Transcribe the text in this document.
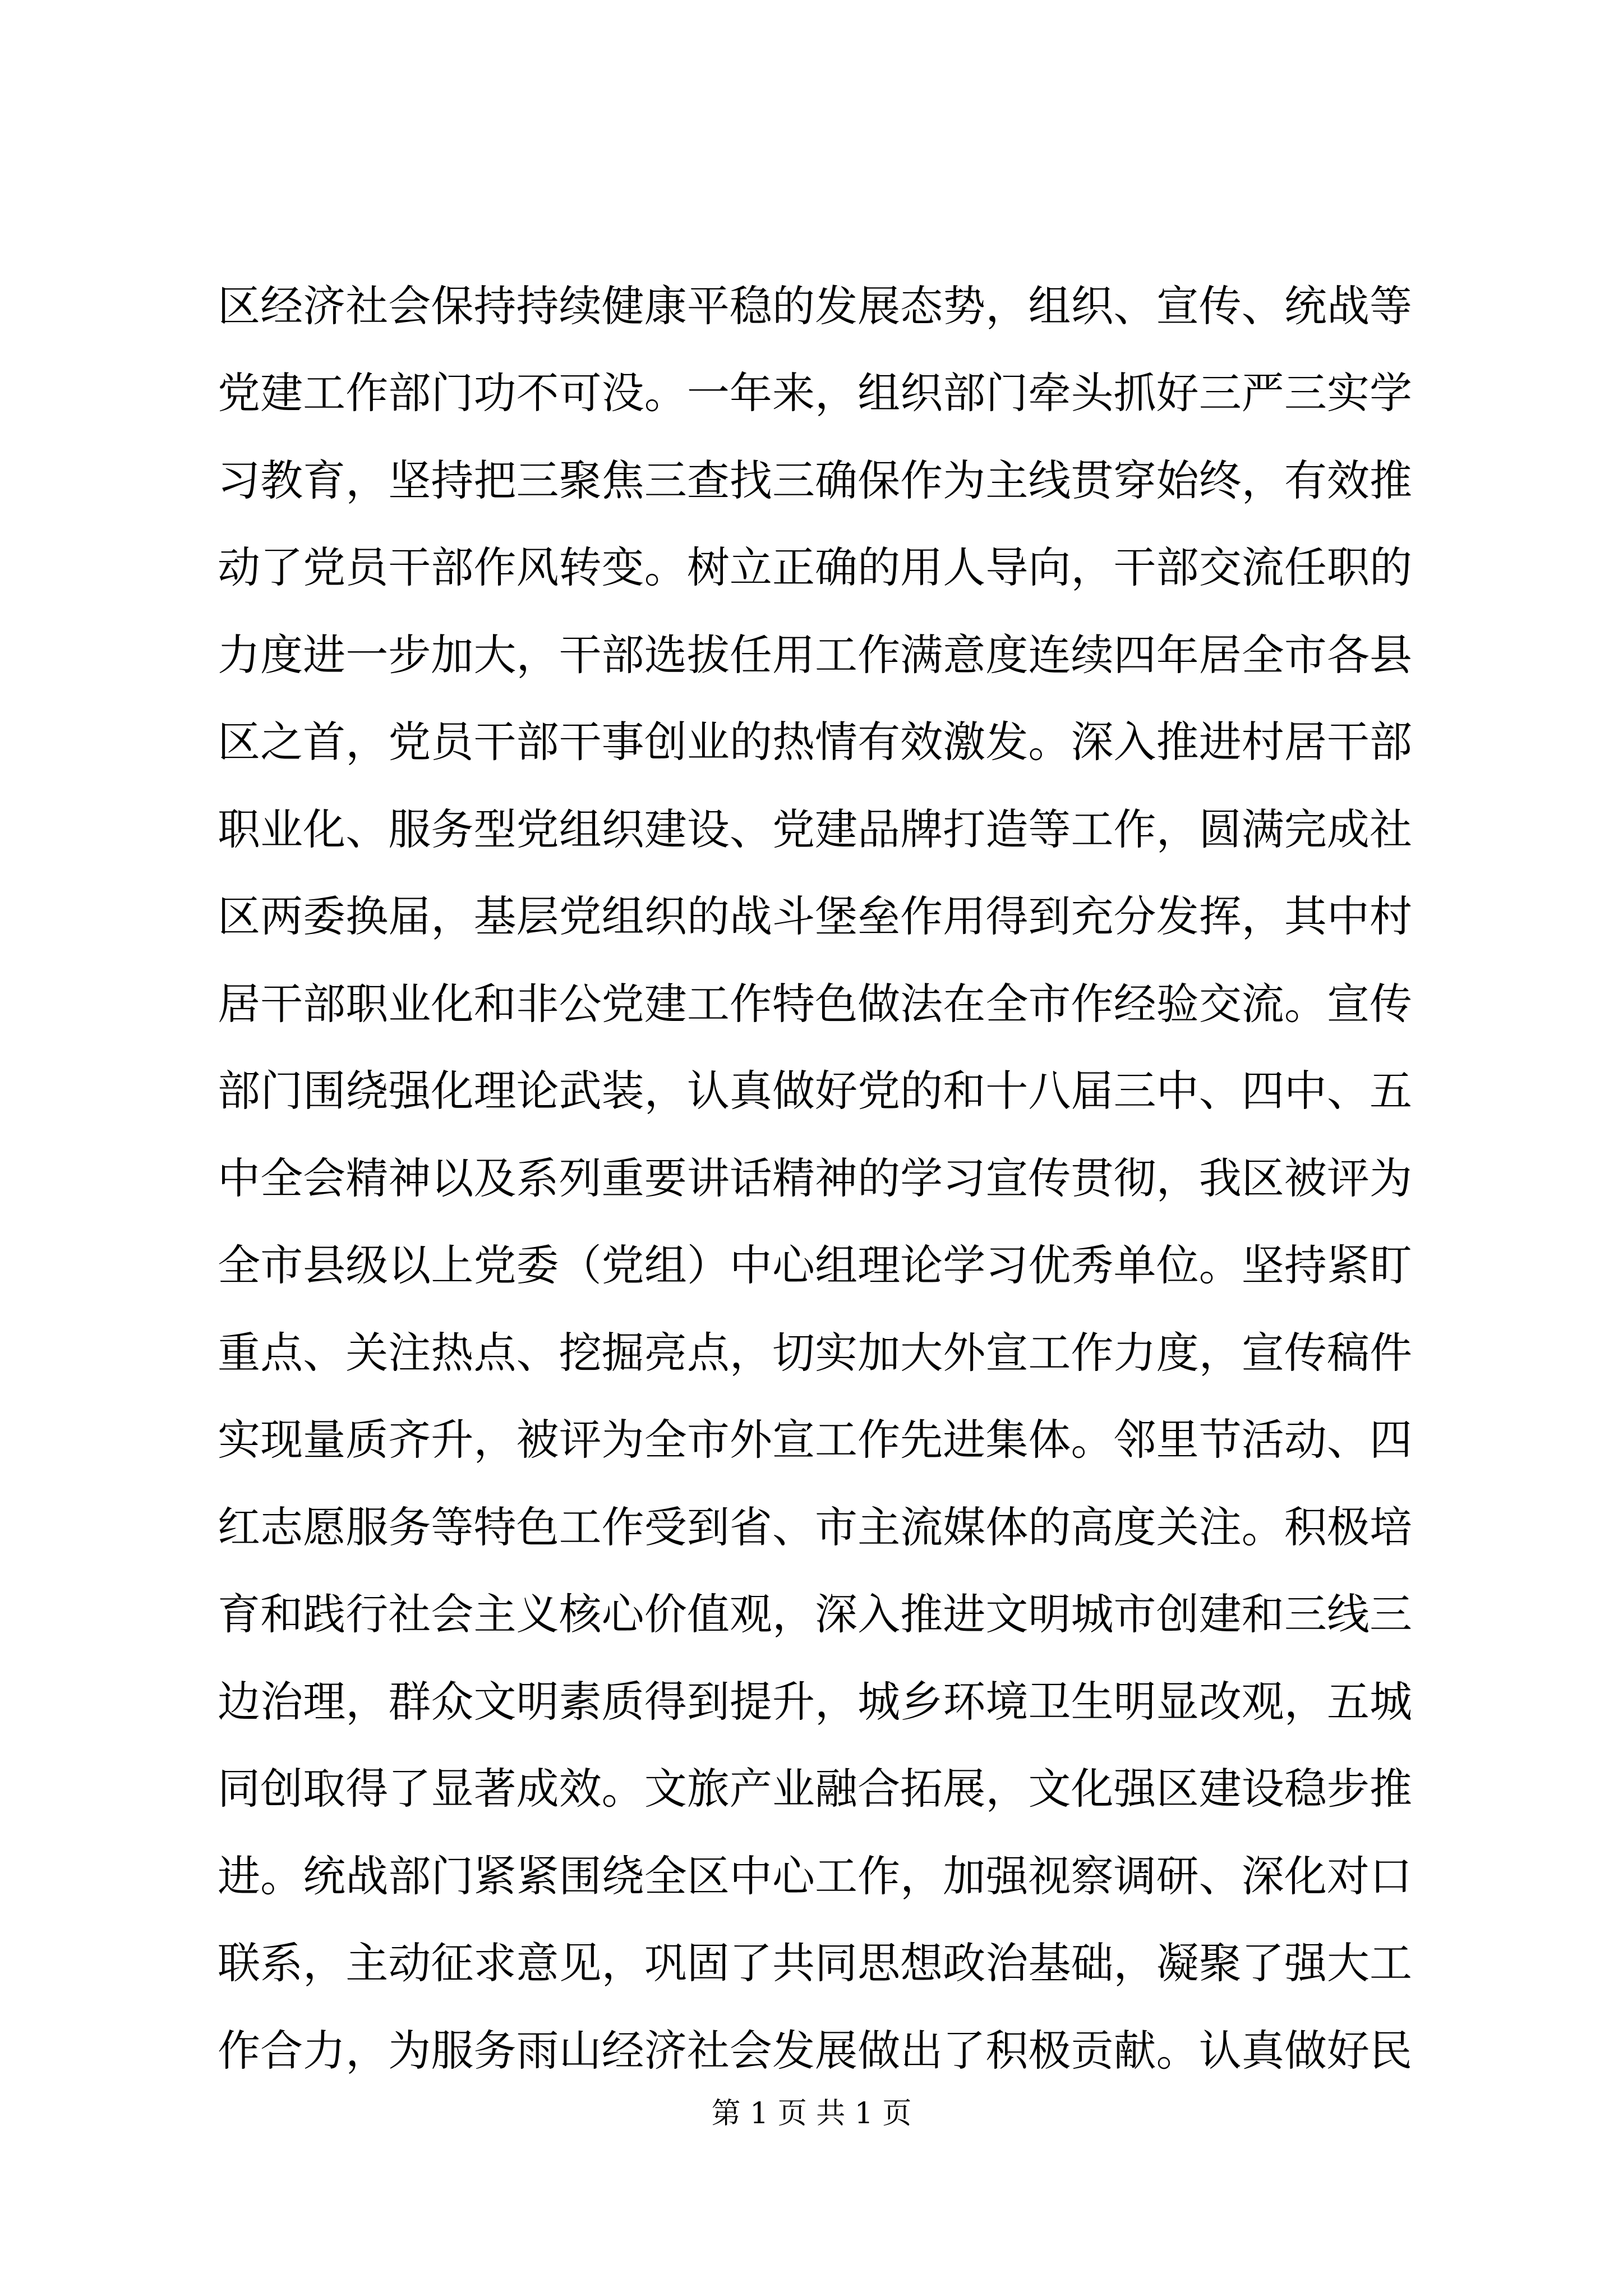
区经济社会保持持续健康平稳的发展态势，组织、宣传、统战等
党建工作部门功不可没。一年来，组织部门牵头抓好三严三实学
习教育，坚持把三聚焦三查找三确保作为主线贯穿始终，有效推
动了党员干部作风转变。树立正确的用人导向，干部交流任职的
力度进一步加大，干部选拔任用工作满意度连续四年居全市各县
区之首，党员干部干事创业的热情有效激发。深入推进村居干部
职业化、服务型党组织建设、党建品牌打造等工作，圆满完成社
区两委换届，基层党组织的战斗堡垒作用得到充分发挥，其中村
居干部职业化和非公党建工作特色做法在全市作经验交流。宣传
部门围绕强化理论武装，认真做好党的和十八届三中、四中、五
中全会精神以及系列重要讲话精神的学习宣传贯彻，我区被评为
全市县级以上党委（党组）中心组理论学习优秀单位。坚持紧盯
重点、关注热点、挖掘亮点，切实加大外宣工作力度，宣传稿件
实现量质齐升，被评为全市外宣工作先进集体。邻里节活动、四
红志愿服务等特色工作受到省、市主流媒体的高度关注。积极培
育和践行社会主义核心价值观，深入推进文明城市创建和三线三
边治理，群众文明素质得到提升，城乡环境卫生明显改观，五城
同创取得了显著成效。文旅产业融合拓展，文化强区建设稳步推
进。统战部门紧紧围绕全区中心工作，加强视察调研、深化对口
联系，主动征求意见，巩固了共同思想政治基础，凝聚了强大工
作合力，为服务雨山经济社会发展做出了积极贡献。认真做好民
第 1 页 共 1 页
